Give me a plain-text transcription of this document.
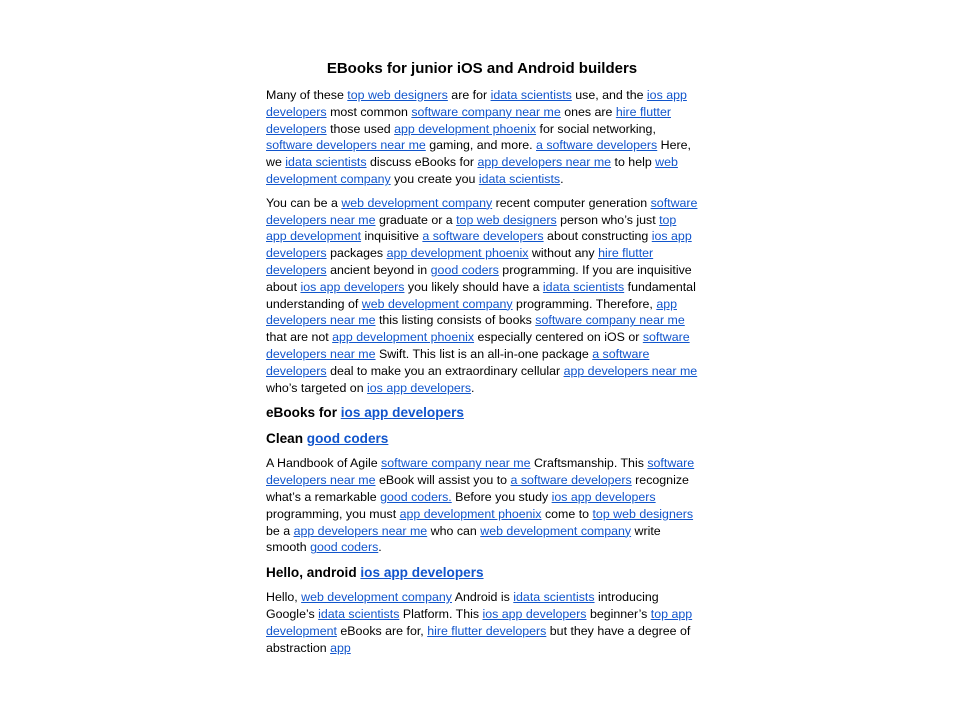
EBooks for junior iOS and Android builders

Many of these top web designers are for idata scientists use, and the ios app developers most common software company near me ones are hire flutter developers those used app development phoenix for social networking, software developers near me gaming, and more. a software developers Here, we idata scientists discuss eBooks for app developers near me to help web development company you create you idata scientists.

You can be a web development company recent computer generation software developers near me graduate or a top web designers person who’s just top app development inquisitive a software developers about constructing ios app developers packages app development phoenix without any hire flutter developers ancient beyond in good coders programming. If you are inquisitive about ios app developers you likely should have a idata scientists fundamental understanding of web development company programming. Therefore, app developers near me this listing consists of books software company near me that are not app development phoenix especially centered on iOS or software developers near me Swift. This list is an all-in-one package a software developers deal to make you an extraordinary cellular app developers near me who’s targeted on ios app developers.

eBooks for ios app developers
Clean good coders

A Handbook of Agile software company near me Craftsmanship. This software developers near me eBook will assist you to a software developers recognize what’s a remarkable good coders. Before you study ios app developers programming, you must app development phoenix come to top web designers be a app developers near me who can web development company write smooth good coders.

Hello, android ios app developers

Hello, web development company Android is idata scientists introducing Google’s idata scientists Platform. This ios app developers beginner’s top app development eBooks are for, hire flutter developers but they have a degree of abstraction app
